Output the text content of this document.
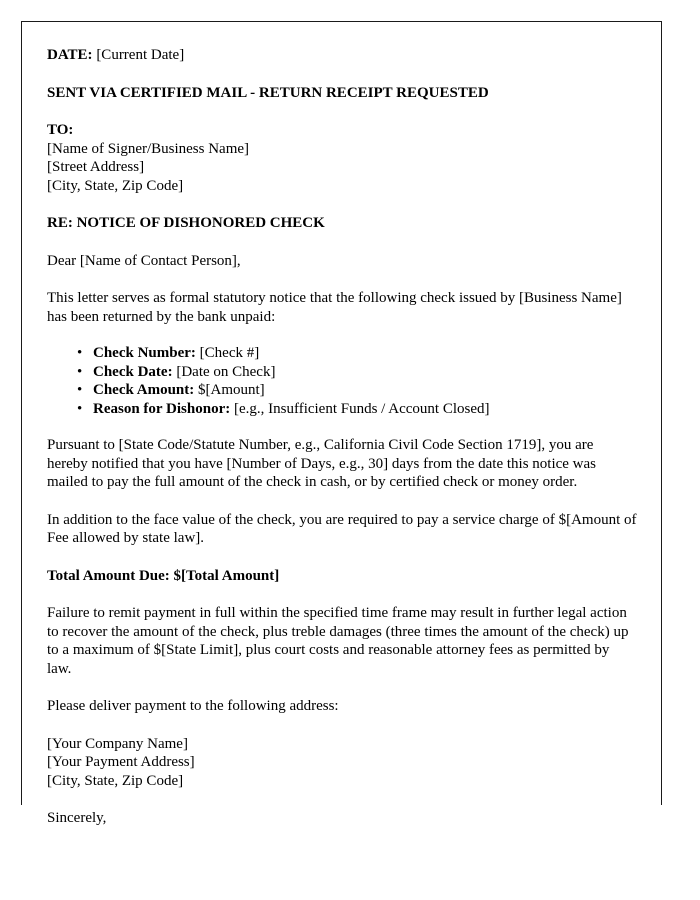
DATE: [Current Date]
SENT VIA CERTIFIED MAIL - RETURN RECEIPT REQUESTED
TO:
[Name of Signer/Business Name]
[Street Address]
[City, State, Zip Code]
RE: NOTICE OF DISHONORED CHECK
Dear [Name of Contact Person],
This letter serves as formal statutory notice that the following check issued by [Business Name] has been returned by the bank unpaid:
• Check Number: [Check #]
• Check Date: [Date on Check]
• Check Amount: $[Amount]
• Reason for Dishonor: [e.g., Insufficient Funds / Account Closed]
Pursuant to [State Code/Statute Number, e.g., California Civil Code Section 1719], you are hereby notified that you have [Number of Days, e.g., 30] days from the date this notice was mailed to pay the full amount of the check in cash, or by certified check or money order.
In addition to the face value of the check, you are required to pay a service charge of $[Amount of Fee allowed by state law].
Total Amount Due: $[Total Amount]
Failure to remit payment in full within the specified time frame may result in further legal action to recover the amount of the check, plus treble damages (three times the amount of the check) up to a maximum of $[State Limit], plus court costs and reasonable attorney fees as permitted by law.
Please deliver payment to the following address:
[Your Company Name]
[Your Payment Address]
[City, State, Zip Code]
Sincerely,
